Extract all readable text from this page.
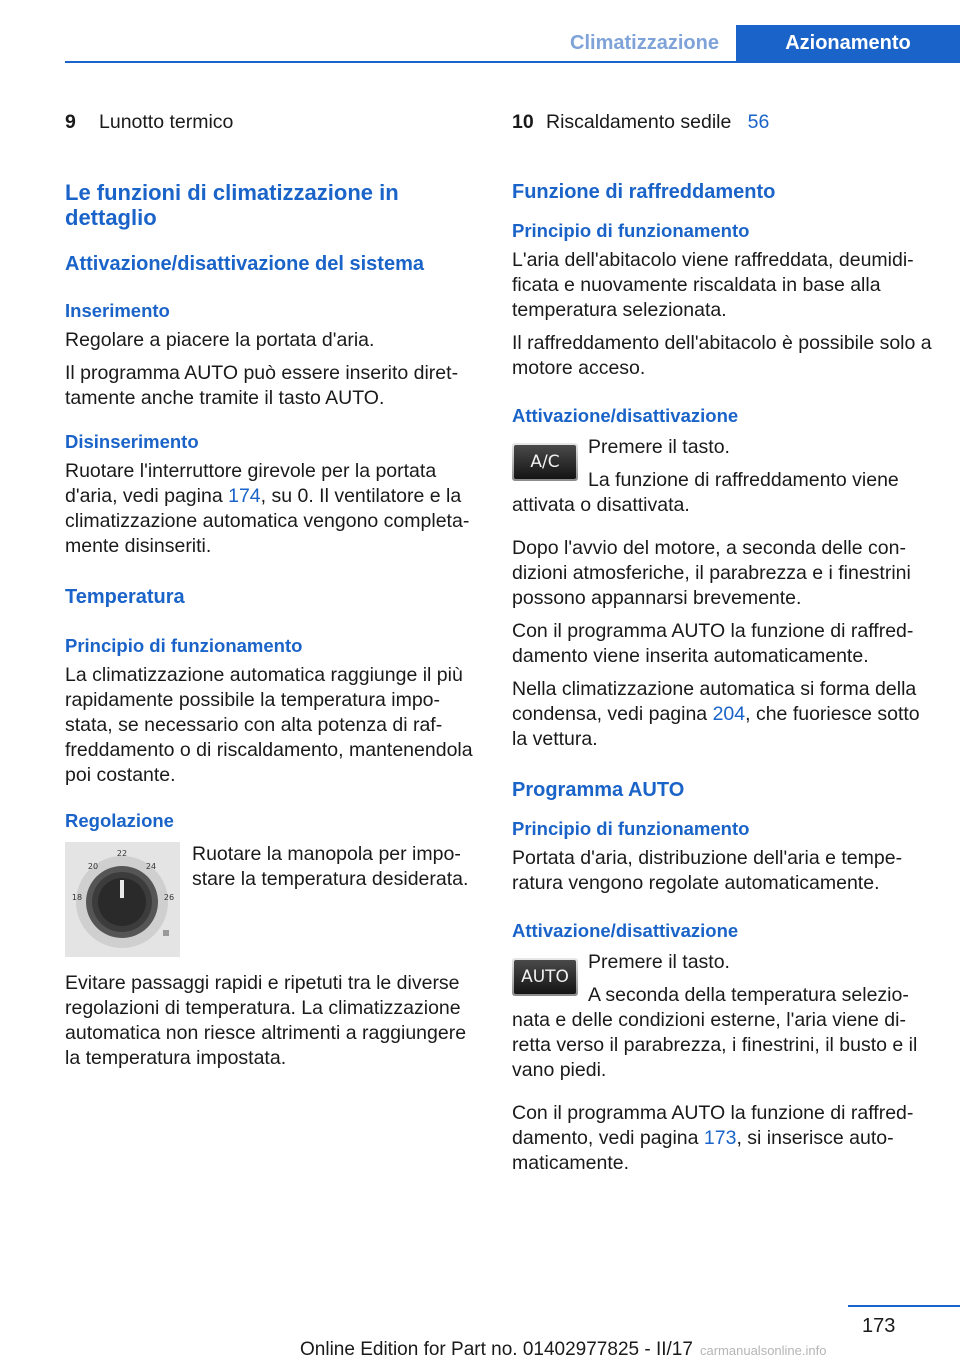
Climatizzazione	Azionamento
9 Lunotto termico

Le funzioni di climatizzazione in dettaglio

Attivazione/disattivazione del sistema

Inserimento

Regolare a piacere la portata d'aria.

Il programma AUTO può essere inserito direttamente anche tramite il tasto AUTO.

Disinserimento

Ruotare l'interruttore girevole per la portata d'aria, vedi pagina 174, su 0. Il ventilatore e la climatizzazione automatica vengono completamente disinseriti.

Temperatura

Principio di funzionamento

La climatizzazione automatica raggiunge il più rapidamente possibile la temperatura impostata, se necessario con alta potenza di raffreddamento o di riscaldamento, mantenendola poi costante.

Regolazione

22
24
20
26
18

Ruotare la manopola per impostare la temperatura desiderata.

Evitare passaggi rapidi e ripetuti tra le diverse regolazioni di temperatura. La climatizzazione automatica non riesce altrimenti a raggiungere la temperatura impostata.

10 Riscaldamento sedile 56

Funzione di raffreddamento

Principio di funzionamento

L'aria dell'abitacolo viene raffreddata, deumidificata e nuovamente riscaldata in base alla temperatura selezionata.

Il raffreddamento dell'abitacolo è possibile solo a motore acceso.

Attivazione/disattivazione

A/C

Premere il tasto.

La funzione di raffreddamento viene attivata o disattivata.

Dopo l'avvio del motore, a seconda delle condizioni atmosferiche, il parabrezza e i finestrini possono appannarsi brevemente.

Con il programma AUTO la funzione di raffreddamento viene inserita automaticamente.

Nella climatizzazione automatica si forma della condensa, vedi pagina 204, che fuoriesce sotto la vettura.

Programma AUTO

Principio di funzionamento

Portata d'aria, distribuzione dell'aria e temperatura vengono regolate automaticamente.

Attivazione/disattivazione

AUTO

Premere il tasto.

A seconda della temperatura selezionata e delle condizioni esterne, l'aria viene diretta verso il parabrezza, i finestrini, il busto e il vano piedi.

Con il programma AUTO la funzione di raffreddamento, vedi pagina 173, si inserisce automaticamente.

173
Online Edition for Part no. 01402977825 - II/17 carmanualsonline.info
